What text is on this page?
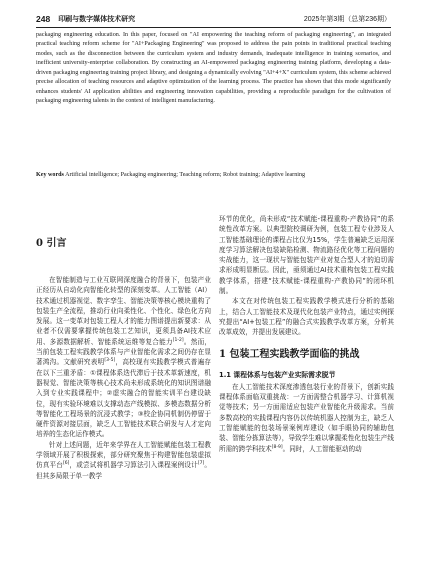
248 印刷与数字媒体技术研究	2025年第3期（总第236期）

packaging engineering education. In this paper, focused on "AI empowering the teaching reform of packaging engineering", an integrated practical teaching reform scheme for "AI+Packaging Engineering" was proposed to address the pain points in traditional practical teaching modes, such as the disconnection between the curriculum system and industry demands, inadequate intelligence in training scenarios, and inefficient university-enterprise collaboration. By constructing an AI-empowered packaging engineering training platform, developing a data-driven packaging engineering training project library, and designing a dynamically evolving "AI+4+X" curriculum system, this scheme achieved precise allocation of teaching resources and adaptive optimization of the learning process. The practice has shown that this mode significantly enhances students' AI application abilities and engineering innovation capabilities, providing a reproducible paradigm for the cultivation of packaging engineering talents in the context of intelligent manufacturing.

Key words Artificial intelligence; Packaging engineering; Teaching reform; Robot training; Adaptive learning

0 引言

在智能制造与工业互联网深度融合的背景下，包装产业正经历从自动化向智能化转型的深刻变革。人工智能（AI）技术通过机器视觉、数字孪生、智能决策等核心模块重构了包装生产全流程，推动行业向柔性化、个性化、绿色化方向发展。这一变革对包装工程人才的能力图谱提出新要求：从业者不仅需要掌握传统包装工艺知识，更须具备AI技术应用、多源数据解析、智能系统运维等复合能力[1-2]。然而，当前包装工程实践教学体系与产业智能化需求之间仍存在显著鸿沟。文献研究表明[3-5]，高校现有实践教学模式普遍存在以下三重矛盾：①课程体系迭代滞后于技术革新速度，机器视觉、智能决策等核心技术尚未形成系统化的知识图谱融入到专业实践课程中；②虚实融合的智能实训平台建设缺位，现有实验环境难以支撑动态产线模拟、多模态数据分析等智能化工程场景的沉浸式教学；③校企协同机制仍停留于硬件资源对接层面，缺乏人工智能技术联合研发与人才定向培养的生态化运作模式。

针对上述问题，近年来学界在人工智能赋能包装工程教学领域开展了积极探索，部分研究聚焦于构建智能包装虚拟仿真平台[6]，或尝试将机器学习算法引入课程案例设计[7]。但其多局限于单一教学

环节的优化，尚未形成“技术赋能-课程重构-产教协同”的系统性改革方案。以典型院校调研为例，包装工程专业涉及人工智能基础理论的课程占比仅为15%，学生普遍缺乏运用深度学习算法解决包装缺陷检测、物流路径优化等工程问题的实战能力，这一现状与智能包装产业对复合型人才的迫切需求形成明显断层。因此，亟须通过AI技术重构包装工程实践教学体系，搭建“技术赋能-课程重构-产教协同”的闭环机制。

本文在对传统包装工程实践教学模式进行分析的基础上，结合人工智能技术及现代化包装产业特点，通过实例探究提出“AI+包装工程”的融合式实践教学改革方案，分析其改革成效，并提出发展建议。

1 包装工程实践教学面临的挑战
1.1 课程体系与包装产业实际需求脱节

在人工智能技术深度渗透包装行业的背景下，创新实践课程体系面临双重挑战：一方面需整合机器学习、计算机视觉等技术；另一方面需适应包装产业智能化升级需求。当前多数高校的实践课程内容仍以传统机器人控制为主，缺乏人工智能赋能的包装场景案例库建设（如手眼协同的辅助包装、智能分拣算法等），导致学生难以掌握柔性化包装生产线所需的跨学科技术[8-9]。同时，人工智能驱动的动
